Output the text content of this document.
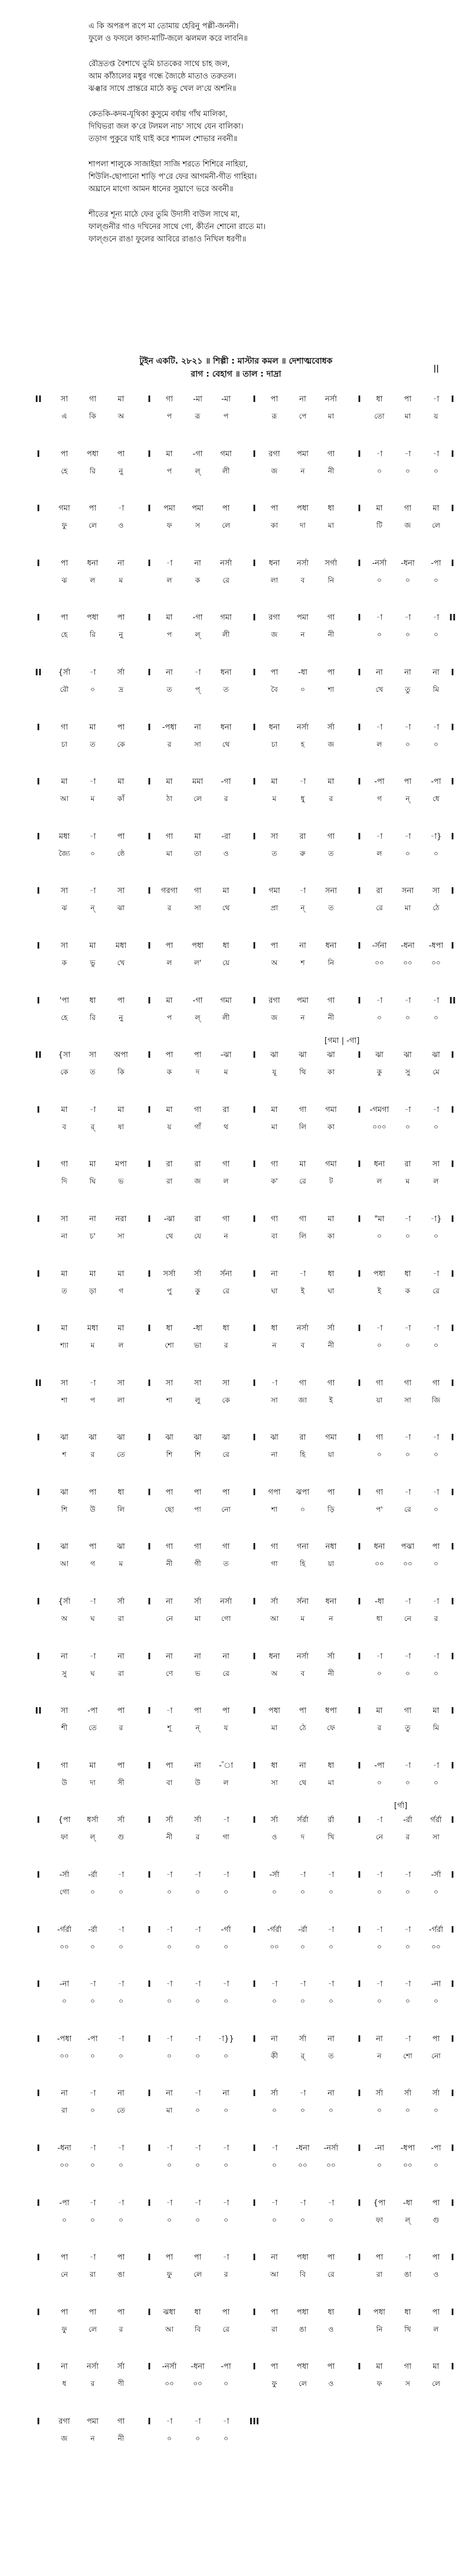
এ কি অপরূপ রূপে মা তোমায় হেরিনু পল্লী-জননী।
ফুলে ও ফসলে কাদা-মাটি-জলে ঝলমল করে লাবনি॥
রৌদ্রতপ্ত বৈশাখে তুমি চাতকের সাথে চাহ জল,
আম কাঁঠালের মধুর গন্ধে জ্যৈষ্ঠে মাতাও তরুতল।
ঝঞ্ঝার সাথে প্রান্তরে মাঠে কভু খেল ল'য়ে অশনি॥
কেতকি-কদম-যূথিকা কুসুমে বর্ষায় গাঁথ মালিকা,
দিঘিভরা জল ক'রে টলমল নাচ' সাথে যেন বালিকা।
তড়াগ পুকুরে ঘাই ঘাই করে শ্যামল শোভার নবনী॥
শাপলা শালুকে সাজাইয়া সাজি শরতে শিশিরে নাহিয়া,
শিউলি-ছোপানো শাড়ি প'রে ফের আগমনী-গীত গাহিয়া।
অঘ্রানে মাগো আমন ধানের সুঘ্রাণে ভরে অবনী॥
শীতের শূন্য মাঠে ফের তুমি উদাসী বাউল সাথে মা,
ফাল্গুনীর গাও দখিনের সাথে গো, কীর্তন শোনো রাতে মা।
ফাল্গুনে রাঙা ফুলের আবিরে রাঙাও নিখিল ধরণী॥
টুইন একটি. ২৮২১ ॥ শিল্পী : মাস্টার কমল ॥ দেশাত্মবোধক
রাগ : বেহাগ ॥ তাল : দাদ্রা
||
II	সা	গা	মা	I	গা	-মা	-মা	I	পা	না	নর্সা	I	ধা	পা	-া	I
এ	কি	অ	প	রূ	প	রূ	পে	মা	তো	মা	য়
I	পা	পধা	পা	I	মা	-গা	গমা	I	রগা	পমা	গা	I	-া	-া	-া	I
হে	রি	নু	প	ল্	লী	জ	ন	নী	০	০	০
I	গমা	পা	-া	I	পমা	পমা	পা	I	পা	পধা	ধা	I	মা	গা	মা	I
ফু	লে	ও	ফ	স	লে	কা	দা	মা	টি	জ	লে
I	পা	ধনা	না	I	-া	না	নর্সা	I	ধনা	নর্সা	সর্গা	I	-নর্সা	-ধনা	-পা	I
ঝ	ল	ম	ল	ক	রে	লা	ব	নি	০	০	০
I	পা	পধা	পা	I	মা	-গা	গমা	I	রগা	পমা	গা	I	-া	-া	-া	II
হে	রি	নু	প	ল্	লী	জ	ন	নী	০	০	০
II	{র্সা	-া	র্সা	I	না	-া	ধনা	I	পা	-ধা	পা	I	না	না	না	I
রৌ	০	দ্র	ত	প্	ত	বৈ	০	শা	খে	তু	মি
I	গা	মা	পা	I	-পধা	না	ধনা	I	ধনা	নর্সা	র্সা	I	-া	-া	-া	I
চা	ত	কে	র	সা	থে	চা	হ	জ	ল	০	০
I	মা	-া	মা	I	মা	মমা	-গা	I	মা	-া	মা	I	-পা	পা	-পা	I
আ	ম	কাঁ	ঠা	লে	র	ম	ধু	র	গ	ন্	ধে
I	মধা	-া	পা	I	গা	মা	-রা	I	সা	রা	গা	I	-া	-া	-া}	I
জ্যৈ	০	ষ্ঠে	মা	তা	ও	ত	রু	ত	ল	০	০
I	সা	-া	সা	I	গরগা	গা	মা	I	গমা	-া	সনা	I	রা	সনা	সা	I
ঝ	ন্	ঝা	র	সা	থে	প্রা	ন্	ত	রে	মা	ঠে
I	সা	মা	মধা	I	পা	পধা	ধা	I	পা	না	ধনা	I	-র্সনা	-ধনা	-ধপা I
ক	ভু	খে	ল	ল'	য়ে	অ	শ	নি	০০	০০	০০
I	'পা	ধা	পা	I	মা	-গা	গমা	I	রগা	পমা	গা	I	-া	-া	-া	II
হে	রি	নু	প	ল্	লী	জ	ন	নী	০	০	০
[গমা | -গা]
II	{সা	সা	অপা	I	পা	পা	-ঝা	I	ঝা	ঝা	ঝা	I	ঝা	ঝা	ঝা	I
কে	ত	কি	ক	দ	ম	যূ	থি	কা	কু	সু	মে
I	মা	-া	মা	I	মা	গা	রা	I	মা	গা	গমা	I	-গমগা	-া	-া	I
ব	র্	ষা	য়	গাঁ	থ	মা	লি	কা	০০০	০	০
I	গা	মা	মপা	I	রা	রা	গা	I	গা	মা	গমা	I	ধনা	রা	সা	I
দি	ঘি	ভ	রা	জ	ল	ক'	রে	ট	ল	ম	ল
I	সা	না	নরা	I	-ঝা	রা	গা	I	গা	গা	মা	I	"মা	-া	-া}	I
না	চ'	সা	থে	যে	ন	বা	লি	কা	০	০	০
I	মা	মা	মা	I	সর্সা	র্সা	র্সনা	I	না	-া	ধা	I	পধা	ধা	-া	I
ত	ড়া	গ	পু	কু	রে	ঘা	ই	ঘা	ই	ক	রে
I	মা	মধা	মা	I	ধা	-ধা	ধা	I	ধা	নর্সা	র্সা	I	-া	-া	-া	I
শ্যা	ম	ল	শো	ভা	র	ন	ব	নী	০	০	০
II	সা	-া	সা	I	সা	সা	সা	I	-া	গা	গা	I	গা	গা	গা	I
শা	প	লা	শা	লু	কে	সা	জা	ই	য়া	সা	জি
I	ঝা	ঝা	ঝা	I	ঝা	ঝা	ঝা	I	ঝা	রা	গমা	I	গা	-া	-া	I
শ	র	তে	শি	শি	রে	না	হি	য়া	০	০	০
I	ঝা	পা	ধা	I	পা	পা	পা	I	গপা	ঝপা	পা	I	গা	-া	-া	I
শি	উ	লি	ছো	পা	নো	শা	০	ড়ি	প'	রে	০
I	ঝা	পা	ঝা	I	গা	গা	গা	I	গা	গনা	নধা	I	ধনা	পঝা	পা	I
আ	গ	ম	নী	গী	ত	গা	হি	য়া	০০	০০	০
I	{র্সা	-া	র্সা	I	না	র্সা	নর্সা	I	র্সা	র্সনা	ধনা	I	-ধা	-া	-া	I
অ	ঘ	রা	নে	মা	গো	আ	ম	ন	ধা	নে	র
I	না	-া	না	I	না	না	না	I	ধনা	নর্সা	র্সা	I	-া	-া	-া	I
সু	ঘ	রা	ণে	ভ	রে	অ	ব	নী	০	০	০
II	সা	-পা	পা	I	-া	পা	পা	I	পধা	পা	ধপা	I	মা	গা	মা	I
শী	তে	র	শূ	ন্	য	মা	ঠে	ফে	র	তু	মি
I	গা	মা	পা	I	পা	না	-"া	I	ধা	না	ধা	I	-পা	-া	-া	I
উ	দা	সী	বা	উ	ল	সা	থে	মা	০	০	০
[র্গা]
I	{পা	ধর্সা	র্সা	I	র্সা	র্সা	-া	I	র্সা	র্সর্রা	র্রা	I	-া	-র্রা	র্গর্রা	I
ফা	ল্	গু	নী	র	গা	ও	দ	খি	নে	র	সা
I	-র্সা	-র্রা	-া	I	-া	-া	-া	I	-র্সা	-া	-া	I	-া	-া	-র্সা	I
গো	০	০	০	০	০	০	০	০	০	০	০
I	-র্গর্রা	-র্রা	-া	I	-া	-া	-র্গা	I	-র্গর্রা	-র্রা	-া	I	-া	-া	-র্গর্রা I
০০	০	০	০	০	০	০০	০	০	০	০	০০
I	-না	-া	-া	I	-া	-া	-া	I	-া	-া	-া	I	-া	-া	-না	I
০	০	০	০	০	০	০	০	০	০	০	০
I	-পধা	-পা	-া	I	-া	-া	-া}}	I	না	র্সা	না	I	না	-া	পা	I
০০	০	০	০	০	০	কী	র্	ত	ন	শো	নো
I	না	-া	না	I	না	-া	না	I	র্সা	-া	না	I	র্সা	র্সা	র্সা	I
রা	০	তে	মা	০	০	০	০	০	০	০	০
I	-ধনা	-া	-া	I	-া	-া	-া	I	-া	-ধনা	-নর্সা	I	-না	-ধপা	-পা	I
০০	০	০	০	০	০	০	০০	০০	০	০০	০
I	-পা	-া	-া	I	-া	-া	-া	I	-া	-া	-া	I	{পা	-ধা	পা	I
০	০	০	০	০	০	০	০	০	ফা	ল্	গু
I	পা	-া	পা	I	পা	পা	-া	I	না	পধা	পা	I	পা	-া	পা	I
নে	রা	ঙা	ফু	লে	র	আ	বি	রে	রা	ঙা	ও
I	পা	পা	পা	I	ঝধা	ধা	পা	I	পা	পধা	ধা	I	পধা	ধা	পা	I
ফু	লে	র	আ	বি	রে	রা	ঙা	ও	নি	খি	ল
I	না	নর্সা	র্সা	I	-নর্সা	-ধনা	-পা	I	পা	পধা	পা	I	মা	গা	মা	I
ধ	র	ণী	০০	০০	০	ফু	লে	ও	ফ	স	লে
I	রগা	পমা	গা	I	-া	-া	-া	III
জ	ন	নী	০	০	০
